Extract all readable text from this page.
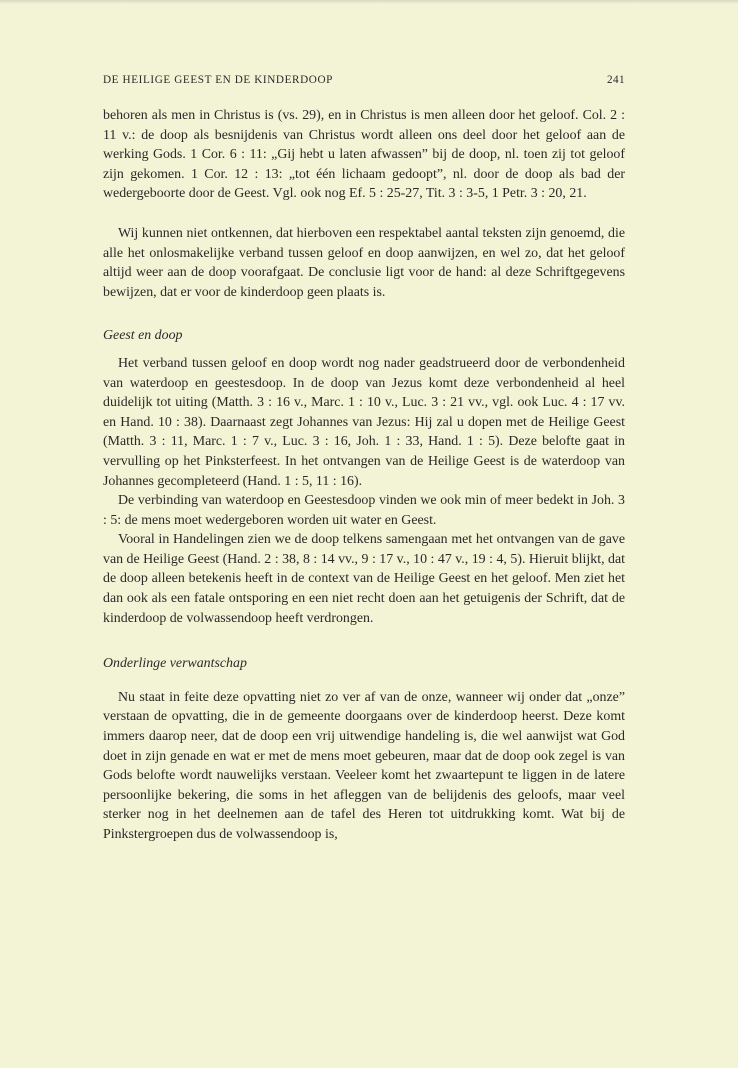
DE HEILIGE GEEST EN DE KINDERDOOP	241

behoren als men in Christus is (vs. 29), en in Christus is men alleen door het geloof. Col. 2 : 11 v.: de doop als besnijdenis van Christus wordt alleen ons deel door het geloof aan de werking Gods. 1 Cor. 6 : 11: „Gij hebt u laten afwassen” bij de doop, nl. toen zij tot geloof zijn gekomen. 1 Cor. 12 : 13: „tot één lichaam gedoopt”, nl. door de doop als bad der wedergeboorte door de Geest. Vgl. ook nog Ef. 5 : 25-27, Tit. 3 : 3-5, 1 Petr. 3 : 20, 21.

Wij kunnen niet ontkennen, dat hierboven een respektabel aantal teksten zijn genoemd, die alle het onlosmakelijke verband tussen geloof en doop aanwijzen, en wel zo, dat het geloof altijd weer aan de doop voorafgaat. De conclusie ligt voor de hand: al deze Schriftgegevens bewijzen, dat er voor de kinderdoop geen plaats is.

Geest en doop

Het verband tussen geloof en doop wordt nog nader geadstrueerd door de verbondenheid van waterdoop en geestesdoop. In de doop van Jezus komt deze verbondenheid al heel duidelijk tot uiting (Matth. 3 : 16 v., Marc. 1 : 10 v., Luc. 3 : 21 vv., vgl. ook Luc. 4 : 17 vv. en Hand. 10 : 38). Daarnaast zegt Johannes van Jezus: Hij zal u dopen met de Heilige Geest (Matth. 3 : 11, Marc. 1 : 7 v., Luc. 3 : 16, Joh. 1 : 33, Hand. 1 : 5). Deze belofte gaat in vervulling op het Pinksterfeest. In het ontvangen van de Heilige Geest is de waterdoop van Johannes gecompleteerd (Hand. 1 : 5, 11 : 16).

De verbinding van waterdoop en Geestesdoop vinden we ook min of meer bedekt in Joh. 3 : 5: de mens moet wedergeboren worden uit water en Geest.

Vooral in Handelingen zien we de doop telkens samengaan met het ontvangen van de gave van de Heilige Geest (Hand. 2 : 38, 8 : 14 vv., 9 : 17 v., 10 : 47 v., 19 : 4, 5). Hieruit blijkt, dat de doop alleen betekenis heeft in de context van de Heilige Geest en het geloof. Men ziet het dan ook als een fatale ontsporing en een niet recht doen aan het getuigenis der Schrift, dat de kinderdoop de volwassendoop heeft verdrongen.

Onderlinge verwantschap

Nu staat in feite deze opvatting niet zo ver af van de onze, wanneer wij onder dat „onze” verstaan de opvatting, die in de gemeente doorgaans over de kinderdoop heerst. Deze komt immers daarop neer, dat de doop een vrij uitwendige handeling is, die wel aanwijst wat God doet in zijn genade en wat er met de mens moet gebeuren, maar dat de doop ook zegel is van Gods belofte wordt nauwelijks verstaan. Veeleer komt het zwaartepunt te liggen in de latere persoonlijke bekering, die soms in het afleggen van de belijdenis des geloofs, maar veel sterker nog in het deelnemen aan de tafel des Heren tot uitdrukking komt. Wat bij de Pinkstergroepen dus de volwassendoop is,
